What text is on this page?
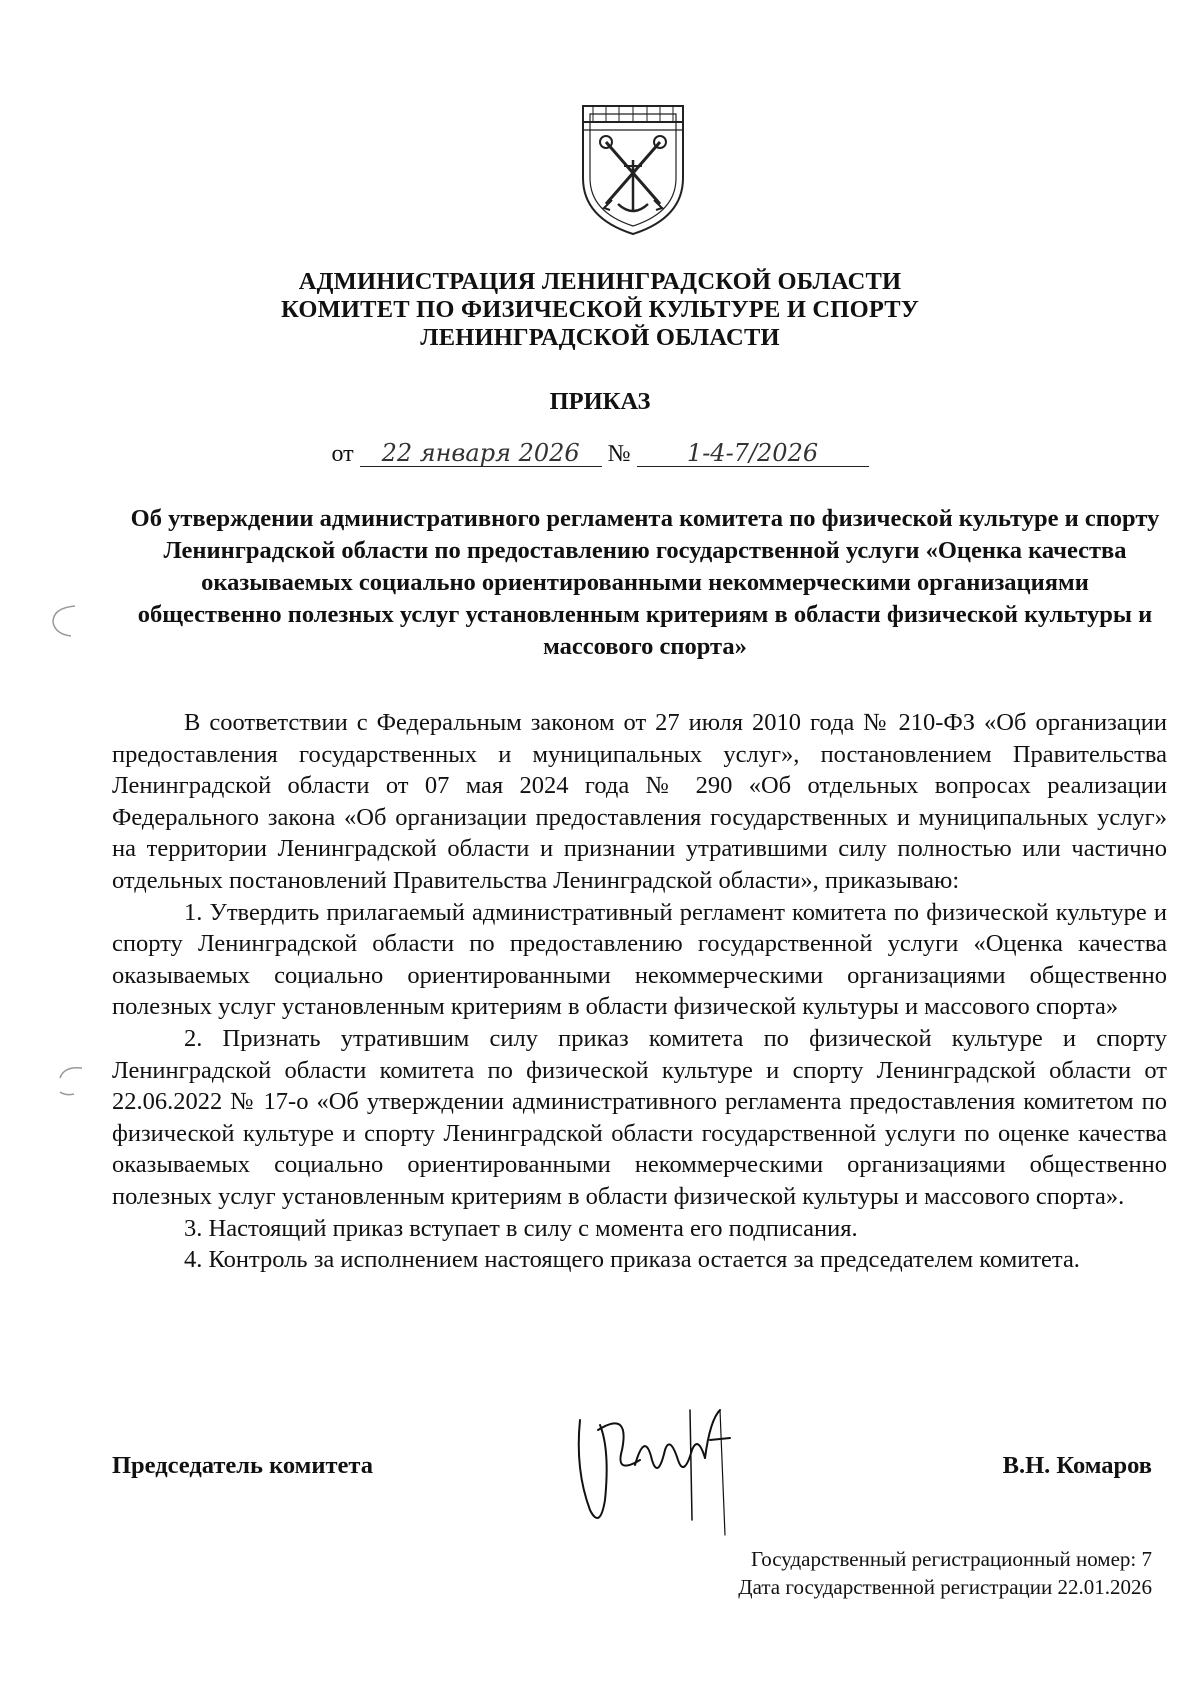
АДМИНИСТРАЦИЯ ЛЕНИНГРАДСКОЙ ОБЛАСТИ
КОМИТЕТ ПО ФИЗИЧЕСКОЙ КУЛЬТУРЕ И СПОРТУ
ЛЕНИНГРАДСКОЙ ОБЛАСТИ
ПРИКАЗ
от 22 января 2026 № 1-4-7/2026
Об утверждении административного регламента комитета по физической культуре и спорту Ленинградской области по предоставлению государственной услуги «Оценка качества оказываемых социально ориентированными некоммерческими организациями общественно полезных услуг установленным критериям в области физической культуры и массового спорта»

В соответствии с Федеральным законом от 27 июля 2010 года № 210-ФЗ «Об организации предоставления государственных и муниципальных услуг», постановлением Правительства Ленинградской области от 07 мая 2024 года № 290 «Об отдельных вопросах реализации Федерального закона «Об организации предоставления государственных и муниципальных услуг» на территории Ленинградской области и признании утратившими силу полностью или частично отдельных постановлений Правительства Ленинградской области», приказываю:

1. Утвердить прилагаемый административный регламент комитета по физической культуре и спорту Ленинградской области по предоставлению государственной услуги «Оценка качества оказываемых социально ориентированными некоммерческими организациями общественно полезных услуг установленным критериям в области физической культуры и массового спорта»

2. Признать утратившим силу приказ комитета по физической культуре и спорту Ленинградской области комитета по физической культуре и спорту Ленинградской области от 22.06.2022 № 17-о «Об утверждении административного регламента предоставления комитетом по физической культуре и спорту Ленинградской области государственной услуги по оценке качества оказываемых социально ориентированными некоммерческими организациями общественно полезных услуг установленным критериям в области физической культуры и массового спорта».

3. Настоящий приказ вступает в силу с момента его подписания.

4. Контроль за исполнением настоящего приказа остается за председателем комитета.

Председатель комитета	В.Н. Комаров
Государственный регистрационный номер: 7
Дата государственной регистрации 22.01.2026
